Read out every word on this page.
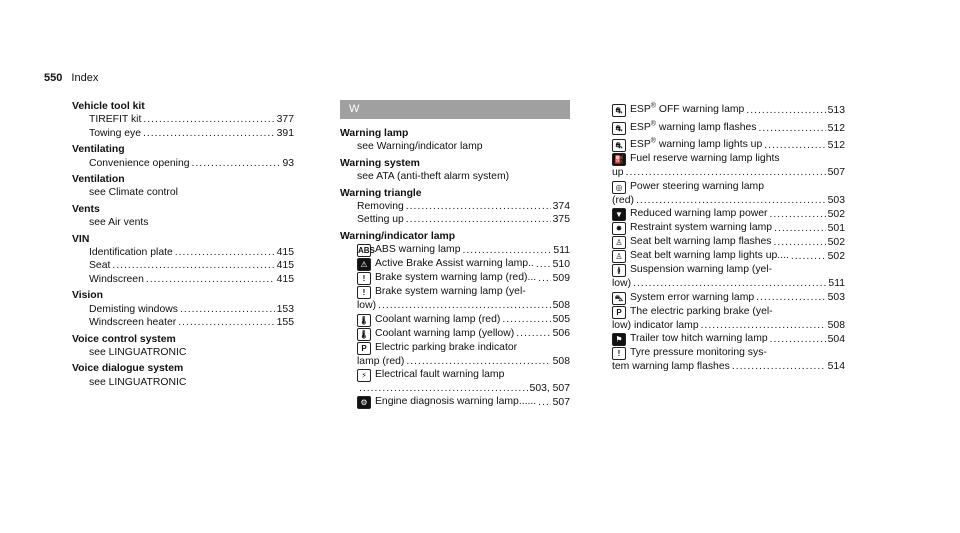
550 Index
Vehicle tool kit
TIREFIT kit .....	377
Towing eye .....	391
Ventilating
Convenience opening .....	93
Ventilation
see Climate control
Vents
see Air vents
VIN
Identification plate .....	415
Seat .....	415
Windscreen .....	415
Vision
Demisting windows .....	153
Windscreen heater .....	155
Voice control system
see LINGUATRONIC
Voice dialogue system
see LINGUATRONIC
W
Warning lamp
see Warning/indicator lamp
Warning system
see ATA (anti-theft alarm system)
Warning triangle
Removing .....	374
Setting up .....	375
Warning/indicator lamp
ABSABS warning lamp .....	511
⚠ Active Brake Assist warning lamp.. ..... 510
! Brake system warning lamp (red)... ..... 509
! Brake system warning lamp (yel-
low) .....	508
🌡 Coolant warning lamp (red) .....	505
🌡 Coolant warning lamp (yellow) .....	506
P Electric parking brake indicator
lamp (red) .....	508
⚡ Electrical fault warning lamp
.....
503, 507
⚙ Engine diagnosis warning lamp...... ..... 507
⛐ ESP® OFF warning lamp .....	513
⛐ ESP® warning lamp flashes .....	512
⛐ ESP® warning lamp lights up .....	512
⛽ Fuel reserve warning lamp lights
up .....	507
◎ Power steering warning lamp
(red) .....	503
▼ Reduced warning lamp power .....	502
✸ Restraint system warning lamp .....	501
♙ Seat belt warning lamp flashes .....	502
♙ Seat belt warning lamp lights up.... .....	502
≬ Suspension warning lamp (yel-
low) .....	511
⛍ System error warning lamp .....	503
P The electric parking brake (yel-
low) indicator lamp .....	508
⚑ Trailer tow hitch warning lamp .....	504
! Tyre pressure monitoring sys-
tem warning lamp flashes .....	514
